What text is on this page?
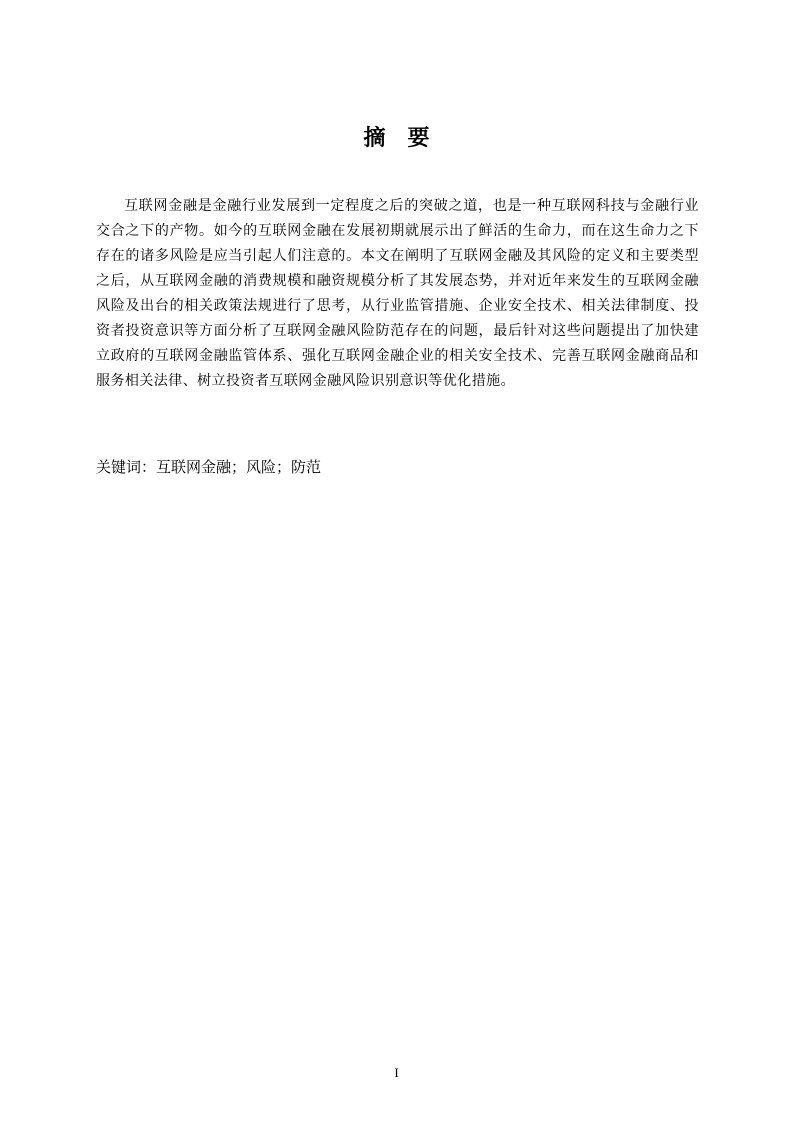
摘要

互联网金融是金融行业发展到一定程度之后的突破之道，也是一种互联网科技与金融行业交合之下的产物。如今的互联网金融在发展初期就展示出了鲜活的生命力，而在这生命力之下存在的诸多风险是应当引起人们注意的。本文在阐明了互联网金融及其风险的定义和主要类型之后，从互联网金融的消费规模和融资规模分析了其发展态势，并对近年来发生的互联网金融风险及出台的相关政策法规进行了思考，从行业监管措施、企业安全技术、相关法律制度、投资者投资意识等方面分析了互联网金融风险防范存在的问题，最后针对这些问题提出了加快建立政府的互联网金融监管体系、强化互联网金融企业的相关安全技术、完善互联网金融商品和服务相关法律、树立投资者互联网金融风险识别意识等优化措施。

关键词：互联网金融；风险；防范
I
